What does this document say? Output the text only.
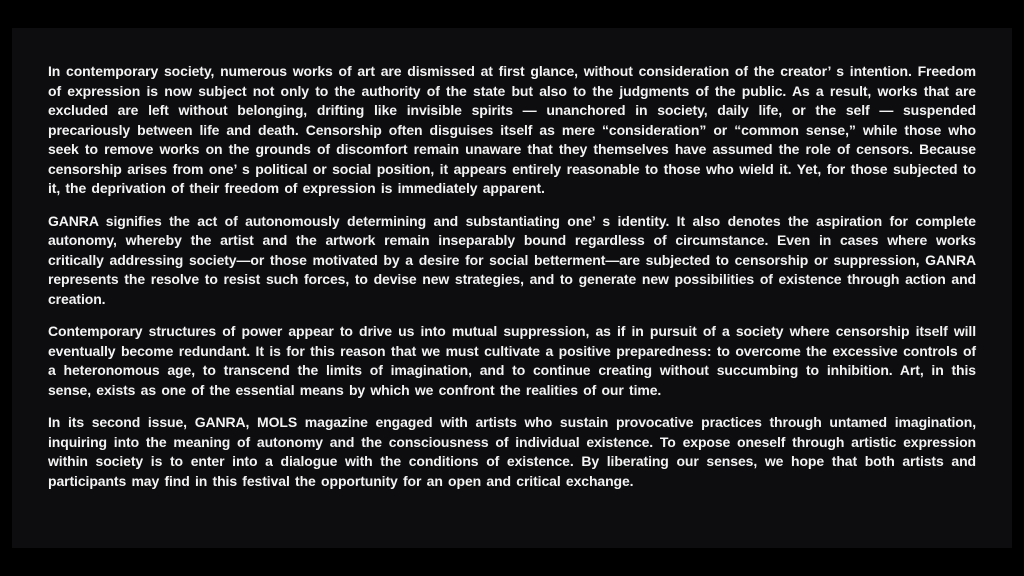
In contemporary society, numerous works of art are dismissed at first glance, without consideration of the creator’ s intention. Freedom of expression is now subject not only to the authority of the state but also to the judgments of the public. As a result, works that are excluded are left without belonging, drifting like invisible spirits — unanchored in society, daily life, or the self — suspended precariously between life and death. Censorship often disguises itself as mere “consideration” or “common sense,” while those who seek to remove works on the grounds of discomfort remain unaware that they themselves have assumed the role of censors. Because censorship arises from one’ s political or social position, it appears entirely reasonable to those who wield it. Yet, for those subjected to it, the deprivation of their freedom of expression is immediately apparent.

GANRA signifies the act of autonomously determining and substantiating one’ s identity. It also denotes the aspiration for complete autonomy, whereby the artist and the artwork remain inseparably bound regardless of circumstance. Even in cases where works critically addressing society—or those motivated by a desire for social betterment—are subjected to censorship or suppression, GANRA represents the resolve to resist such forces, to devise new strategies, and to generate new possibilities of existence through action and creation.

Contemporary structures of power appear to drive us into mutual suppression, as if in pursuit of a society where censorship itself will eventually become redundant. It is for this reason that we must cultivate a positive preparedness: to overcome the excessive controls of a heteronomous age, to transcend the limits of imagination, and to continue creating without succumbing to inhibition. Art, in this sense, exists as one of the essential means by which we confront the realities of our time.

In its second issue, GANRA, MOLS magazine engaged with artists who sustain provocative practices through untamed imagination, inquiring into the meaning of autonomy and the consciousness of individual existence. To expose oneself through artistic expression within society is to enter into a dialogue with the conditions of existence. By liberating our senses, we hope that both artists and participants may find in this festival the opportunity for an open and critical exchange.
